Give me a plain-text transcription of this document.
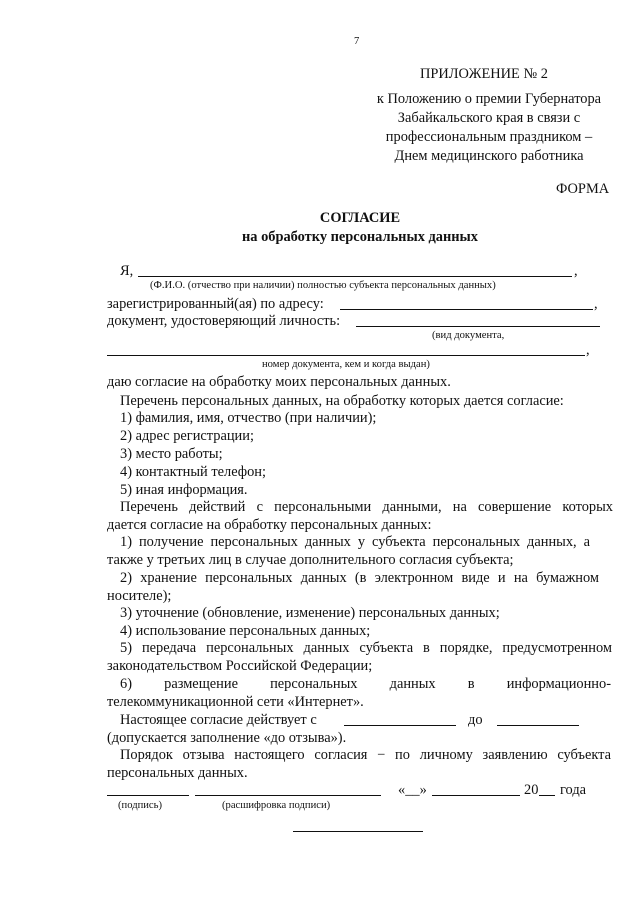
7
ПРИЛОЖЕНИЕ № 2
к Положению о премии Губернатора
Забайкальского края в связи с
профессиональным праздником –
Днем медицинского работника
ФОРМА
СОГЛАСИЕ
на обработку персональных данных
Я,	,
(Ф.И.О. (отчество при наличии) полностью субъекта персональных данных)
зарегистрированный(ая) по адресу:	,
документ, удостоверяющий личность:
(вид документа,
,
номер документа, кем и когда выдан)
даю согласие на обработку моих персональных данных.
Перечень персональных данных, на обработку которых дается согласие:
1) фамилия, имя, отчество (при наличии);
2) адрес регистрации;
3) место работы;
4) контактный телефон;
5) иная информация.
Перечень действий с персональными данными, на совершение которых
дается согласие на обработку персональных данных:
1) получение персональных данных у субъекта персональных данных, а
также у третьих лиц в случае дополнительного согласия субъекта;
2) хранение персональных данных (в электронном виде и на бумажном
носителе);
3) уточнение (обновление, изменение) персональных данных;
4) использование персональных данных;
5) передача персональных данных субъекта в порядке, предусмотренном
законодательством Российской Федерации;
6) размещение персональных данных в информационно-
телекоммуникационной сети «Интернет».
Настоящее согласие действует с	до
(допускается заполнение «до отзыва»).
Порядок отзыва настоящего согласия − по личному заявлению субъекта
персональных данных.
«__»	20 года
(подпись)	(расшифровка подписи)
